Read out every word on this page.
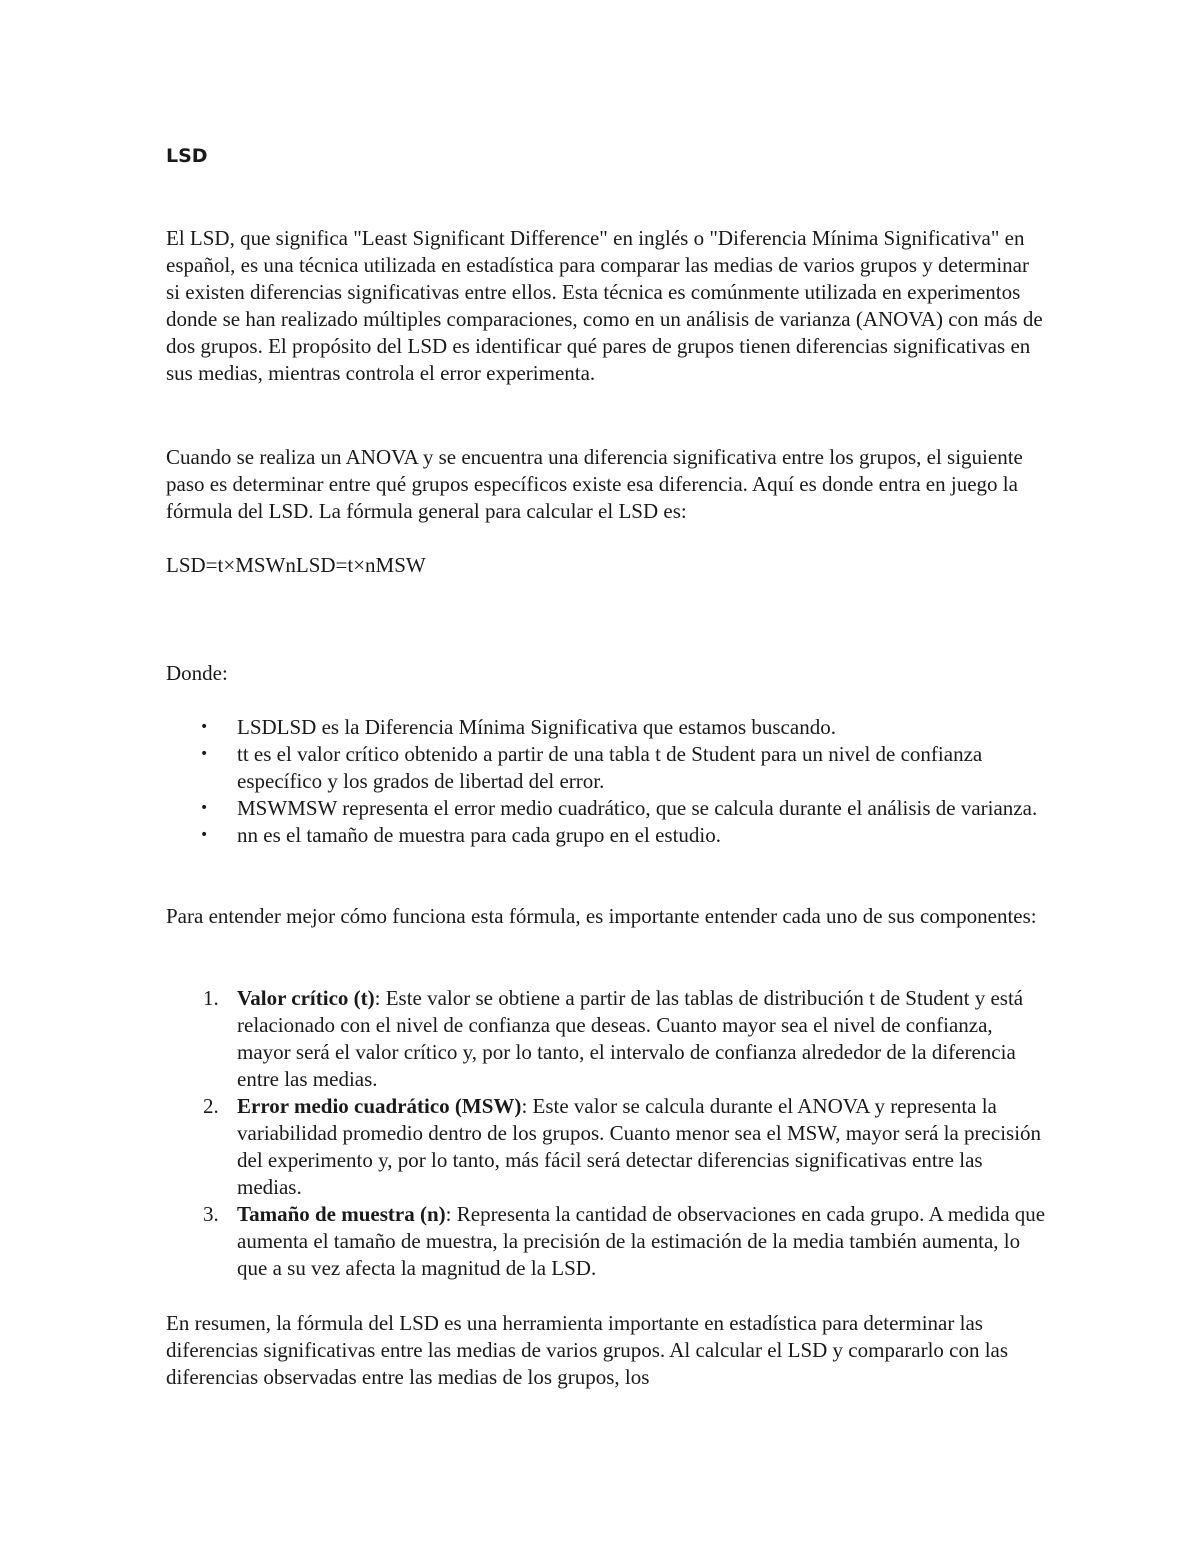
LSD

El LSD, que significa "Least Significant Difference" en inglés o "Diferencia Mínima Significativa" en español, es una técnica utilizada en estadística para comparar las medias de varios grupos y determinar si existen diferencias significativas entre ellos. Esta técnica es comúnmente utilizada en experimentos donde se han realizado múltiples comparaciones, como en un análisis de varianza (ANOVA) con más de dos grupos. El propósito del LSD es identificar qué pares de grupos tienen diferencias significativas en sus medias, mientras controla el error experimenta.

Cuando se realiza un ANOVA y se encuentra una diferencia significativa entre los grupos, el siguiente paso es determinar entre qué grupos específicos existe esa diferencia. Aquí es donde entra en juego la fórmula del LSD. La fórmula general para calcular el LSD es:

LSD=t×MSWnLSD=t×nMSW

Donde:

• LSDLSD es la Diferencia Mínima Significativa que estamos buscando.
• tt es el valor crítico obtenido a partir de una tabla t de Student para un nivel de confianza específico y los grados de libertad del error.
• MSWMSW representa el error medio cuadrático, que se calcula durante el análisis de varianza.
• nn es el tamaño de muestra para cada grupo en el estudio.

Para entender mejor cómo funciona esta fórmula, es importante entender cada uno de sus componentes:

1. Valor crítico (t): Este valor se obtiene a partir de las tablas de distribución t de Student y está relacionado con el nivel de confianza que deseas. Cuanto mayor sea el nivel de confianza, mayor será el valor crítico y, por lo tanto, el intervalo de confianza alrededor de la diferencia entre las medias.
2. Error medio cuadrático (MSW): Este valor se calcula durante el ANOVA y representa la variabilidad promedio dentro de los grupos. Cuanto menor sea el MSW, mayor será la precisión del experimento y, por lo tanto, más fácil será detectar diferencias significativas entre las medias.
3. Tamaño de muestra (n): Representa la cantidad de observaciones en cada grupo. A medida que aumenta el tamaño de muestra, la precisión de la estimación de la media también aumenta, lo que a su vez afecta la magnitud de la LSD.

En resumen, la fórmula del LSD es una herramienta importante en estadística para determinar las diferencias significativas entre las medias de varios grupos. Al calcular el LSD y compararlo con las diferencias observadas entre las medias de los grupos, los
